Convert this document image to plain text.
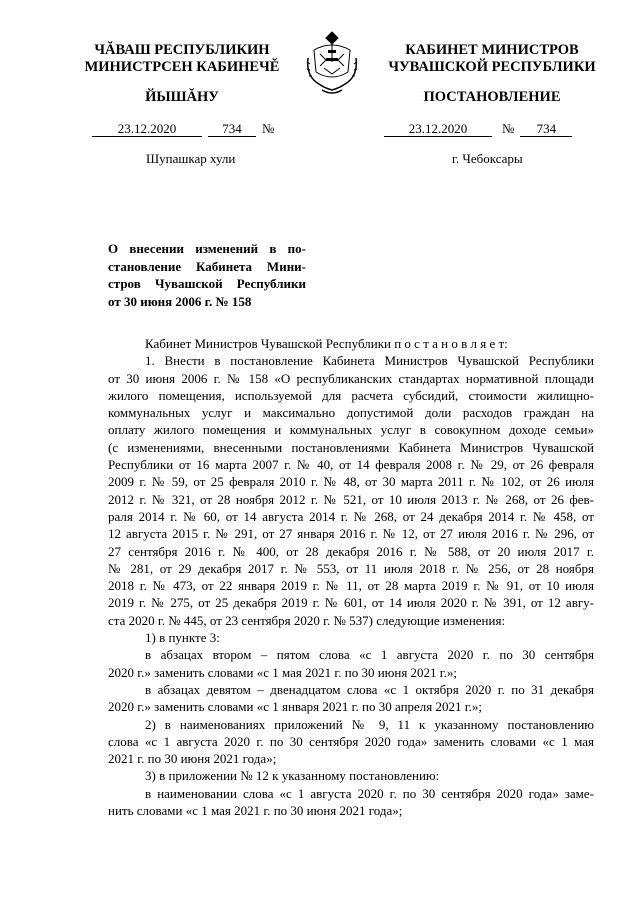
ЧĂВАШ РЕСПУБЛИКИН
МИНИСТРСЕН КАБИНЕЧĔ
ЙЫШĂНУ
КАБИНЕТ МИНИСТРОВ
ЧУВАШСКОЙ РЕСПУБЛИКИ
ПОСТАНОВЛЕНИЕ
23.12.2020	734 №	23.12.2020	№ 734
Шупашкар хули	г. Чебоксары
О внесении изменений в по-
становление Кабинета Мини-
стров Чувашской Республики
от 30 июня 2006 г. № 158
Кабинет Министров Чувашской Республики п о с т а н о в л я е т:
1. Внести в постановление Кабинета Министров Чувашской Республики
от 30 июня 2006 г. № 158 «О республиканских стандартах нормативной площади
жилого помещения, используемой для расчета субсидий, стоимости жилищно-
коммунальных услуг и максимально допустимой доли расходов граждан на
оплату жилого помещения и коммунальных услуг в совокупном доходе семьи»
(с изменениями, внесенными постановлениями Кабинета Министров Чувашской
Республики от 16 марта 2007 г. № 40, от 14 февраля 2008 г. № 29, от 26 февраля
2009 г. № 59, от 25 февраля 2010 г. № 48, от 30 марта 2011 г. № 102, от 26 июля
2012 г. № 321, от 28 ноября 2012 г. № 521, от 10 июля 2013 г. № 268, от 26 фев-
раля 2014 г. № 60, от 14 августа 2014 г. № 268, от 24 декабря 2014 г. № 458, от
12 августа 2015 г. № 291, от 27 января 2016 г. № 12, от 27 июля 2016 г. № 296, от
27 сентября 2016 г. № 400, от 28 декабря 2016 г. № 588, от 20 июля 2017 г.
№ 281, от 29 декабря 2017 г. № 553, от 11 июля 2018 г. № 256, от 28 ноября
2018 г. № 473, от 22 января 2019 г. № 11, от 28 марта 2019 г. № 91, от 10 июля
2019 г. № 275, от 25 декабря 2019 г. № 601, от 14 июля 2020 г. № 391, от 12 авгу-
ста 2020 г. № 445, от 23 сентября 2020 г. № 537) следующие изменения:
1) в пункте 3:
в абзацах втором – пятом слова «с 1 августа 2020 г. по 30 сентября
2020 г.» заменить словами «с 1 мая 2021 г. по 30 июня 2021 г.»;
в абзацах девятом – двенадцатом слова «с 1 октября 2020 г. по 31 декабря
2020 г.» заменить словами «с 1 января 2021 г. по 30 апреля 2021 г.»;
2) в наименованиях приложений № 9, 11 к указанному постановлению
слова «с 1 августа 2020 г. по 30 сентября 2020 года» заменить словами «с 1 мая
2021 г. по 30 июня 2021 года»;
3) в приложении № 12 к указанному постановлению:
в наименовании слова «с 1 августа 2020 г. по 30 сентября 2020 года» заме-
нить словами «с 1 мая 2021 г. по 30 июня 2021 года»;
